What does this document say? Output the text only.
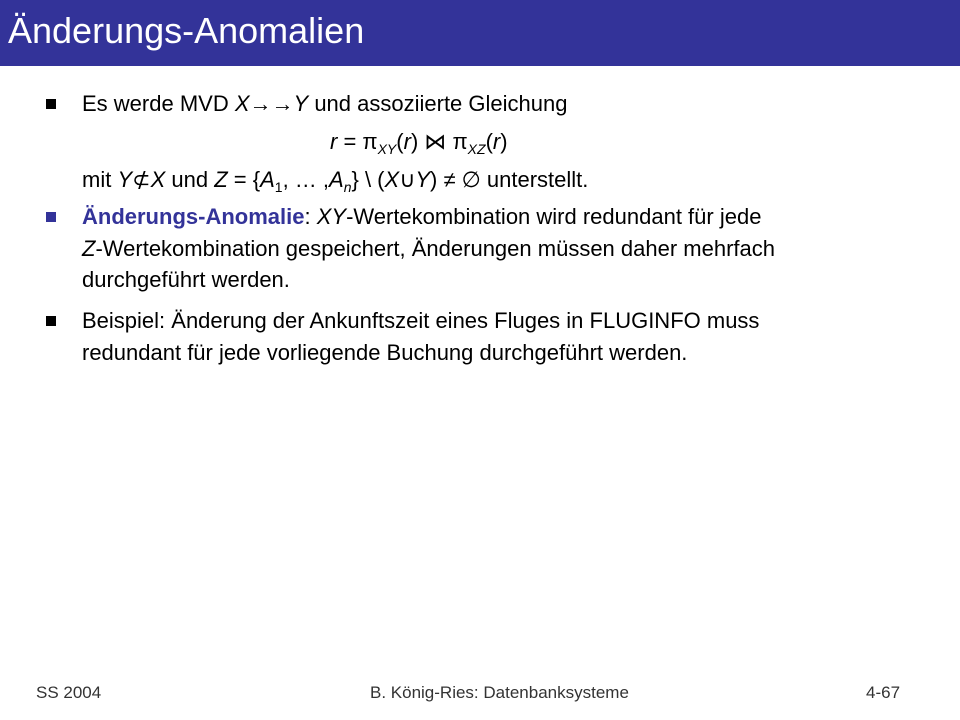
Änderungs-Anomalien
Es werde MVD X→→Y und assoziierte Gleichung
$r = \pi_{XY}(r)$ ⋈ $\pi_{XZ}(r)$
mit Y⊄X und $Z = \{A_1$, … $,A_n$} \ (X∪Y) ≠ ∅ unterstellt.
Änderungs-Anomalie: XY-Wertekombination wird redundant für jede
Z-Wertekombination gespeichert, Änderungen müssen daher mehrfach
durchgeführt werden.
Beispiel: Änderung der Ankunftszeit eines Fluges in FLUGINFO muss
redundant für jede vorliegende Buchung durchgeführt werden.
SS 2004	B. König-Ries: Datenbanksysteme	4-67
